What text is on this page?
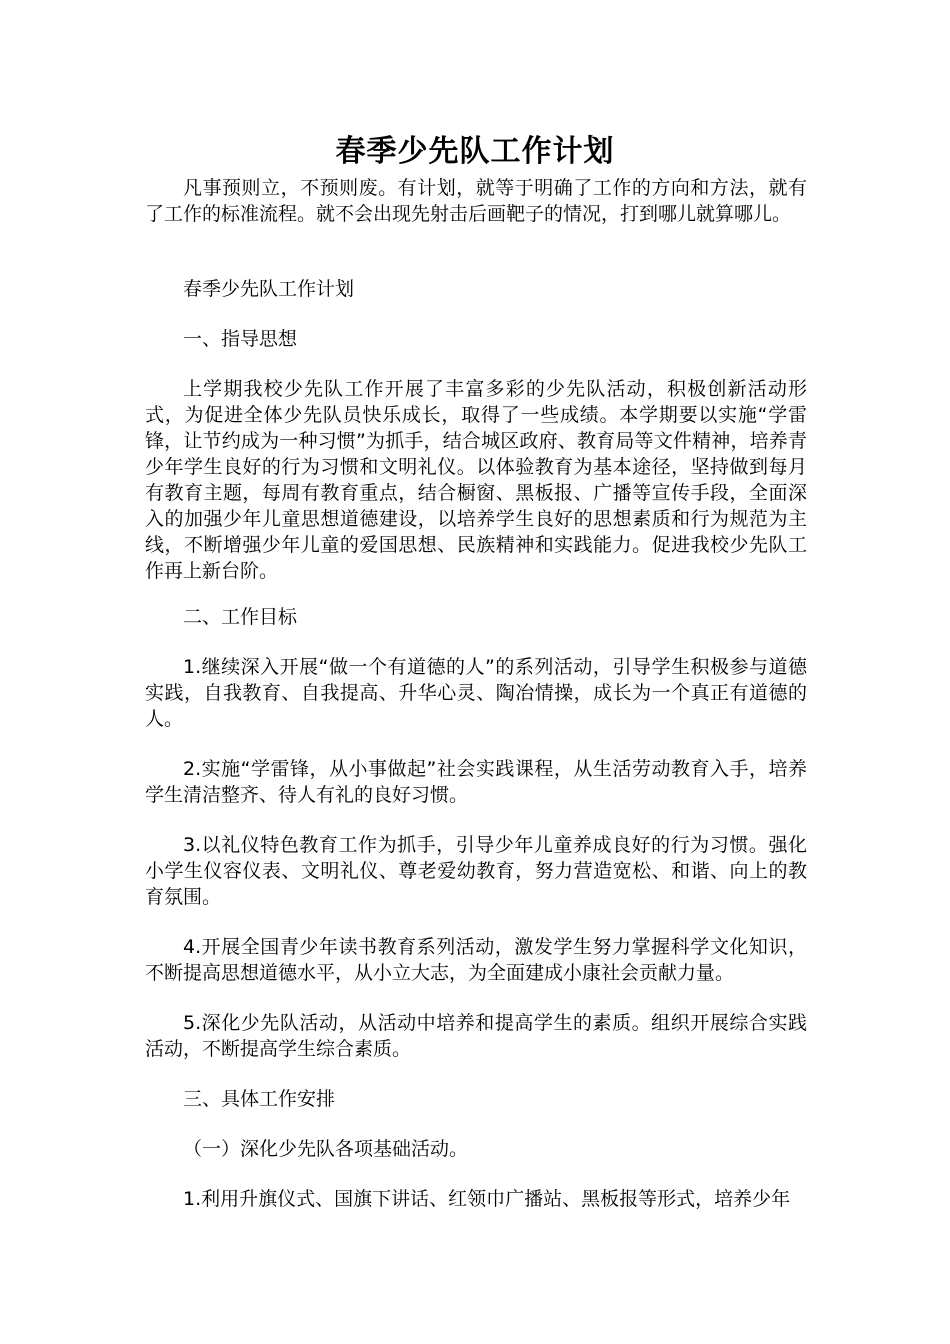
春季少先队工作计划

凡事预则立，不预则废。有计划，就等于明确了工作的方向和方法，就有了工作的标准流程。就不会出现先射击后画靶子的情况，打到哪儿就算哪儿。

春季少先队工作计划

一、指导思想

上学期我校少先队工作开展了丰富多彩的少先队活动，积极创新活动形式，为促进全体少先队员快乐成长，取得了一些成绩。本学期要以实施“学雷锋，让节约成为一种习惯”为抓手，结合城区政府、教育局等文件精神，培养青少年学生良好的行为习惯和文明礼仪。以体验教育为基本途径，坚持做到每月有教育主题，每周有教育重点，结合橱窗、黑板报、广播等宣传手段，全面深入的加强少年儿童思想道德建设，以培养学生良好的思想素质和行为规范为主线，不断增强少年儿童的爱国思想、民族精神和实践能力。促进我校少先队工作再上新台阶。

二、工作目标

1.继续深入开展“做一个有道德的人”的系列活动，引导学生积极参与道德实践，自我教育、自我提高、升华心灵、陶冶情操，成长为一个真正有道德的人。

2.实施“学雷锋，从小事做起”社会实践课程，从生活劳动教育入手，培养学生清洁整齐、待人有礼的良好习惯。

3.以礼仪特色教育工作为抓手，引导少年儿童养成良好的行为习惯。强化小学生仪容仪表、文明礼仪、尊老爱幼教育，努力营造宽松、和谐、向上的教育氛围。

4.开展全国青少年读书教育系列活动，激发学生努力掌握科学文化知识，不断提高思想道德水平，从小立大志，为全面建成小康社会贡献力量。

5.深化少先队活动，从活动中培养和提高学生的素质。组织开展综合实践活动，不断提高学生综合素质。

三、具体工作安排

（一）深化少先队各项基础活动。

1.利用升旗仪式、国旗下讲话、红领巾广播站、黑板报等形式，培养少年
